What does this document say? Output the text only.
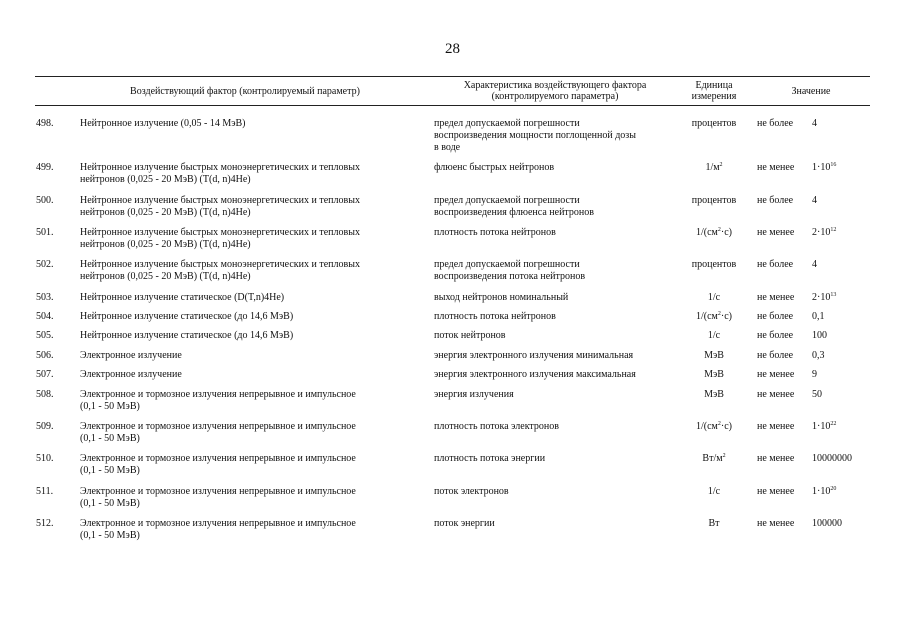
28
Воздействующий фактор (контролируемый параметр)
Характеристика воздействующего фактора
(контролируемого параметра)
Единица
измерения	Значение
498.	Нейтронное излучение (0,05 - 14 МэВ)	предел допускаемой погрешности
воспроизведения мощности поглощенной дозы
в воде
процентов	не более	4
499.	Нейтронное излучение быстрых моноэнергетических и тепловых
нейтронов (0,025 - 20 МэВ) (T(d, n)4He)
флюенс быстрых нейтронов	$1/м^2$	не менее	$1\cdot 10^{16}$
500.	Нейтронное излучение быстрых моноэнергетических и тепловых
нейтронов (0,025 - 20 МэВ) (T(d, n)4He)
предел допускаемой погрешности
воспроизведения флюенса нейтронов
процентов	не более	4
501.	Нейтронное излучение быстрых моноэнергетических и тепловых
нейтронов (0,025 - 20 МэВ) (T(d, n)4He)
плотность потока нейтронов	$1/(см^2\cdot с)$	не менее	$2\cdot 10^{12}$
502.	Нейтронное излучение быстрых моноэнергетических и тепловых
нейтронов (0,025 - 20 МэВ) (T(d, n)4He)
предел допускаемой погрешности
воспроизведения потока нейтронов
процентов	не более	4
503.	Нейтронное излучение статическое (D(T,n)4He)	выход нейтронов номинальный	1/с	не менее	$2\cdot 10^{13}$
504.	Нейтронное излучение статическое (до 14,6 МэВ)	плотность потока нейтронов	$1/(см^2\cdot с)$	не более	0,1
505.	Нейтронное излучение статическое (до 14,6 МэВ)	поток нейтронов	1/с	не более	100
506.	Электронное излучение	энергия электронного излучения минимальная	МэВ	не более	0,3
507.	Электронное излучение	энергия электронного излучения максимальная	МэВ	не менее	9
508.	Электронное и тормозное излучения непрерывное и импульсное
(0,1 - 50 МэВ)
энергия излучения	МэВ	не менее	50
509.	Электронное и тормозное излучения непрерывное и импульсное
(0,1 - 50 МэВ)
плотность потока электронов	$1/(см^2\cdot с)$	не менее	$1\cdot 10^{22}$
510.	Электронное и тормозное излучения непрерывное и импульсное
(0,1 - 50 МэВ)
плотность потока энергии	$Вт/м^2$	не менее	10000000
511.	Электронное и тормозное излучения непрерывное и импульсное
(0,1 - 50 МэВ)
поток электронов	1/с	не менее	$1\cdot 10^{20}$
512.	Электронное и тормозное излучения непрерывное и импульсное
(0,1 - 50 МэВ)
поток энергии	Вт	не менее	100000
